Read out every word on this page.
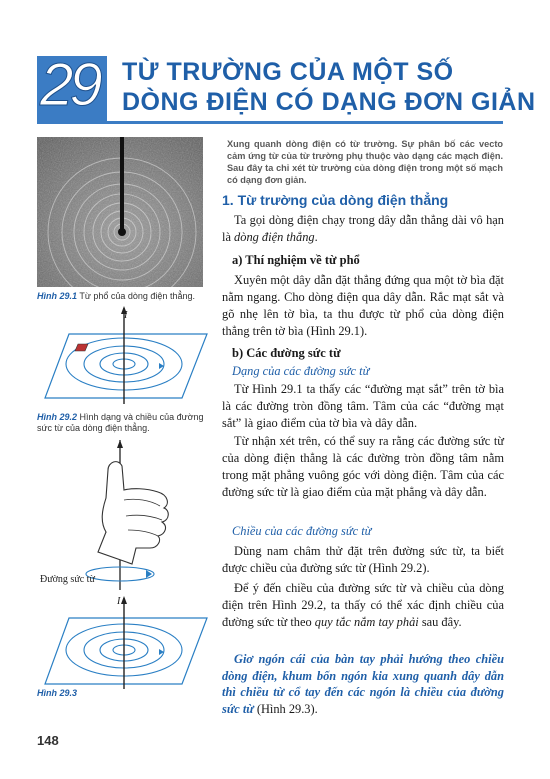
29 TỪ TRƯỜNG CỦA MỘT SỐ
DÒNG ĐIỆN CÓ DẠNG ĐƠN GIẢN
Hình 29.1 Từ phổ của dòng điện thẳng.
I
Hình 29.2 Hình dạng và chiều của đường sức từ của dòng điện thẳng.
Đường sức từ
I
Hình 29.3
Xung quanh dòng điện có từ trường. Sự phân bố các vecto cảm ứng từ của từ trường phụ thuộc vào dạng các mạch điện. Sau đây ta chỉ xét từ trường của dòng điện trong một số mạch có dạng đơn giản.
1. Từ trường của dòng điện thẳng
Ta gọi dòng điện chạy trong dây dẫn thẳng dài vô hạn là dòng điện thẳng.
a) Thí nghiệm về từ phổ
Xuyên một dây dẫn đặt thẳng đứng qua một tờ bìa đặt nằm ngang. Cho dòng điện qua dây dẫn. Rắc mạt sắt và gõ nhẹ lên tờ bìa, ta thu được từ phổ của dòng điện thẳng trên tờ bìa (Hình 29.1).
b) Các đường sức từ
Dạng của các đường sức từ
Từ Hình 29.1 ta thấy các “đường mạt sắt” trên tờ bìa là các đường tròn đồng tâm. Tâm của các “đường mạt sắt” là giao điểm của tờ bìa và dây dẫn.
Từ nhận xét trên, có thể suy ra rằng các đường sức từ của dòng điện thẳng là các đường tròn đồng tâm nằm trong mặt phẳng vuông góc với dòng điện. Tâm của các đường sức từ là giao điểm của mặt phẳng và dây dẫn.
Chiều của các đường sức từ
Dùng nam châm thử đặt trên đường sức từ, ta biết được chiều của đường sức từ (Hình 29.2).
Để ý đến chiều của đường sức từ và chiều của dòng điện trên Hình 29.2, ta thấy có thể xác định chiều của đường sức từ theo quy tắc nắm tay phải sau đây.
Giơ ngón cái của bàn tay phải hướng theo chiều dòng điện, khum bốn ngón kia xung quanh dây dẫn thì chiều từ cổ tay đến các ngón là chiều của đường sức từ (Hình 29.3).
148
